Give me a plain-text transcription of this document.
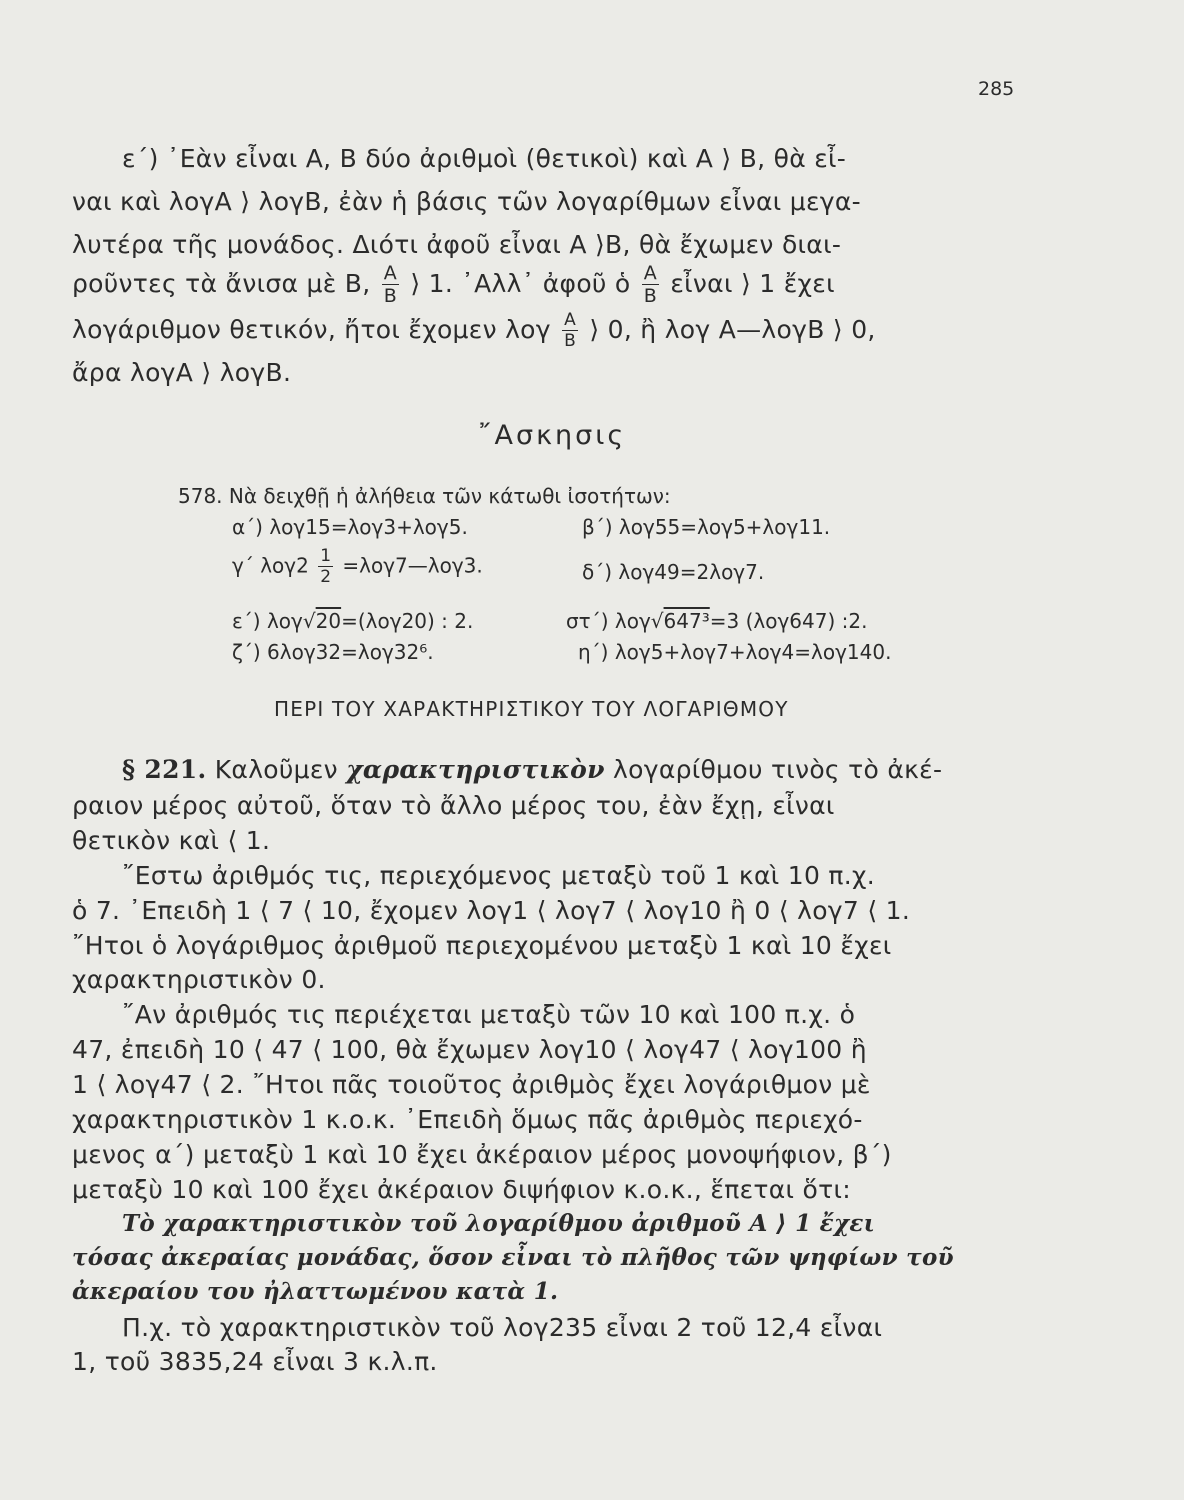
285
ε΄) ᾿Εὰν εἶναι Α, Β δύο ἀριθμοὶ (θετικοὶ) καὶ Α ⟩ Β, θὰ εἶ-
ναι καὶ λογΑ ⟩ λογΒ, ἐὰν ἡ βάσις τῶν λογαρίθμων εἶναι μεγα-
λυτέρα τῆς μονάδος. Διότι ἀφοῦ εἶναι Α ⟩Β, θὰ ἔχωμεν διαι-
ροῦντες τὰ ἄνισα μὲ Β, $\frac{A}{B}$ ⟩ 1. ᾿Αλλ᾿ ἀφοῦ ὁ $\frac{A}{B}$ εἶναι ⟩ 1 ἔχει
λογάριθμον θετικόν, ἤτοι ἔχομεν λογ $\frac{A}{B}$ ⟩ 0, ἢ λογ Α—λογΒ ⟩ 0,
ἄρα λογΑ ⟩ λογΒ.
῎Ασκησις
578. Νὰ δειχθῇ ἡ ἀλήθεια τῶν κάτωθι ἰσοτήτων:
α΄) λογ15=λογ3+λογ5.	β΄) λογ55=λογ5+λογ11.
γ΄ $\lambda o\gamma 2 \frac{1}{2}$ =λογ7—λογ3.	δ΄) λογ49=2λογ7.
ε΄) λογ√20=(λογ20) : 2.	στ΄) λογ√647³=3 (λογ647) :2.
ζ΄) 6λογ32=λογ32⁶.	η΄) λογ5+λογ7+λογ4=λογ140.
ΠΕΡΙ ΤΟΥ ΧΑΡΑΚΤΗΡΙΣΤΙΚΟΥ ΤΟΥ ΛΟΓΑΡΙΘΜΟΥ
§ 221. Καλοῦμεν χαρακτηριστικὸν λογαρίθμου τινὸς τὸ ἀκέ-
ραιον μέρος αὐτοῦ, ὅταν τὸ ἄλλο μέρος του, ἐὰν ἔχῃ, εἶναι
θετικὸν καὶ ⟨ 1.
῎Εστω ἀριθμός τις, περιεχόμενος μεταξὺ τοῦ 1 καὶ 10 π.χ.
ὁ 7. ᾿Επειδὴ 1 ⟨ 7 ⟨ 10, ἔχομεν λογ1 ⟨ λογ7 ⟨ λογ10 ἢ 0 ⟨ λογ7 ⟨ 1.
῎Ητοι ὁ λογάριθμος ἀριθμοῦ περιεχομένου μεταξὺ 1 καὶ 10 ἔχει
χαρακτηριστικὸν 0.
῎Αν ἀριθμός τις περιέχεται μεταξὺ τῶν 10 καὶ 100 π.χ. ὁ
47, ἐπειδὴ 10 ⟨ 47 ⟨ 100, θὰ ἔχωμεν λογ10 ⟨ λογ47 ⟨ λογ100 ἢ
1 ⟨ λογ47 ⟨ 2. ῎Ητοι πᾶς τοιοῦτος ἀριθμὸς ἔχει λογάριθμον μὲ
χαρακτηριστικὸν 1 κ.ο.κ. ᾿Επειδὴ ὅμως πᾶς ἀριθμὸς περιεχό-
μενος α΄) μεταξὺ 1 καὶ 10 ἔχει ἀκέραιον μέρος μονοψήφιον, β΄)
μεταξὺ 10 καὶ 100 ἔχει ἀκέραιον διψήφιον κ.ο.κ., ἕπεται ὅτι:
Τὸ χαρακτηριστικὸν τοῦ λογαρίθμου ἀριθμοῦ Α ⟩ 1 ἔχει
τόσας ἀκεραίας μονάδας, ὅσον εἶναι τὸ πλῆθος τῶν ψηφίων τοῦ
ἀκεραίου του ἠλαττωμένου κατὰ 1.
Π.χ. τὸ χαρακτηριστικὸν τοῦ λογ235 εἶναι 2 τοῦ 12,4 εἶναι
1, τοῦ 3835,24 εἶναι 3 κ.λ.π.
